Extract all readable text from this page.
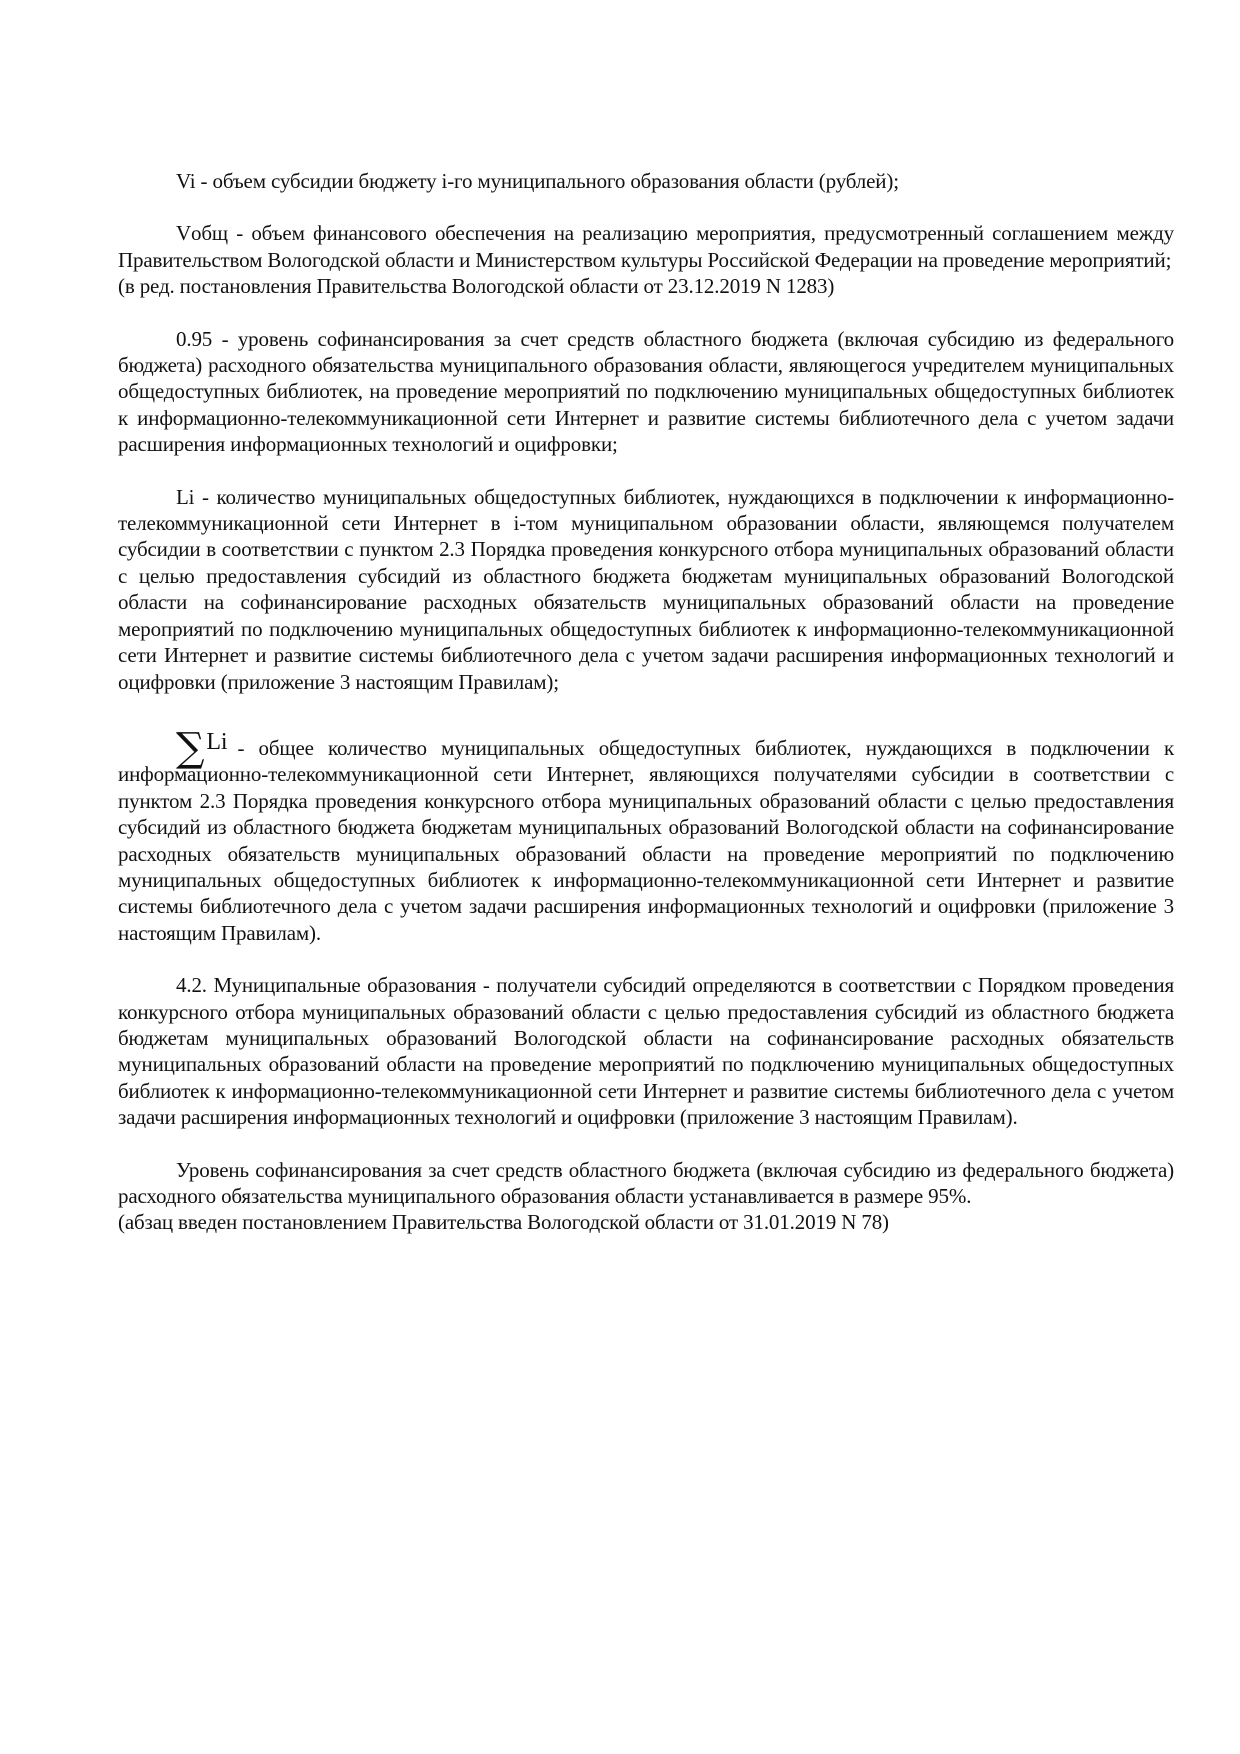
Vi - объем субсидии бюджету i-го муниципального образования области (рублей);

Vобщ - объем финансового обеспечения на реализацию мероприятия, предусмотренный соглашением между Правительством Вологодской области и Министерством культуры Российской Федерации на проведение мероприятий;

(в ред. постановления Правительства Вологодской области от 23.12.2019 N 1283)

0.95 - уровень софинансирования за счет средств областного бюджета (включая субсидию из федерального бюджета) расходного обязательства муниципального образования области, являющегося учредителем муниципальных общедоступных библиотек, на проведение мероприятий по подключению муниципальных общедоступных библиотек к информационно-телекоммуникационной сети Интернет и развитие системы библиотечного дела с учетом задачи расширения информационных технологий и оцифровки;

Li - количество муниципальных общедоступных библиотек, нуждающихся в подключении к информационно-телекоммуникационной сети Интернет в i-том муниципальном образовании области, являющемся получателем субсидии в соответствии с пунктом 2.3 Порядка проведения конкурсного отбора муниципальных образований области с целью предоставления субсидий из областного бюджета бюджетам муниципальных образований Вологодской области на софинансирование расходных обязательств муниципальных образований области на проведение мероприятий по подключению муниципальных общедоступных библиотек к информационно-телекоммуникационной сети Интернет и развитие системы библиотечного дела с учетом задачи расширения информационных технологий и оцифровки (приложение 3 настоящим Правилам);

∑Li - общее количество муниципальных общедоступных библиотек, нуждающихся в подключении к информационно-телекоммуникационной сети Интернет, являющихся получателями субсидии в соответствии с пунктом 2.3 Порядка проведения конкурсного отбора муниципальных образований области с целью предоставления субсидий из областного бюджета бюджетам муниципальных образований Вологодской области на софинансирование расходных обязательств муниципальных образований области на проведение мероприятий по подключению муниципальных общедоступных библиотек к информационно-телекоммуникационной сети Интернет и развитие системы библиотечного дела с учетом задачи расширения информационных технологий и оцифровки (приложение 3 настоящим Правилам).

4.2. Муниципальные образования - получатели субсидий определяются в соответствии с Порядком проведения конкурсного отбора муниципальных образований области с целью предоставления субсидий из областного бюджета бюджетам муниципальных образований Вологодской области на софинансирование расходных обязательств муниципальных образований области на проведение мероприятий по подключению муниципальных общедоступных библиотек к информационно-телекоммуникационной сети Интернет и развитие системы библиотечного дела с учетом задачи расширения информационных технологий и оцифровки (приложение 3 настоящим Правилам).

Уровень софинансирования за счет средств областного бюджета (включая субсидию из федерального бюджета) расходного обязательства муниципального образования области устанавливается в размере 95%.

(абзац введен постановлением Правительства Вологодской области от 31.01.2019 N 78)
